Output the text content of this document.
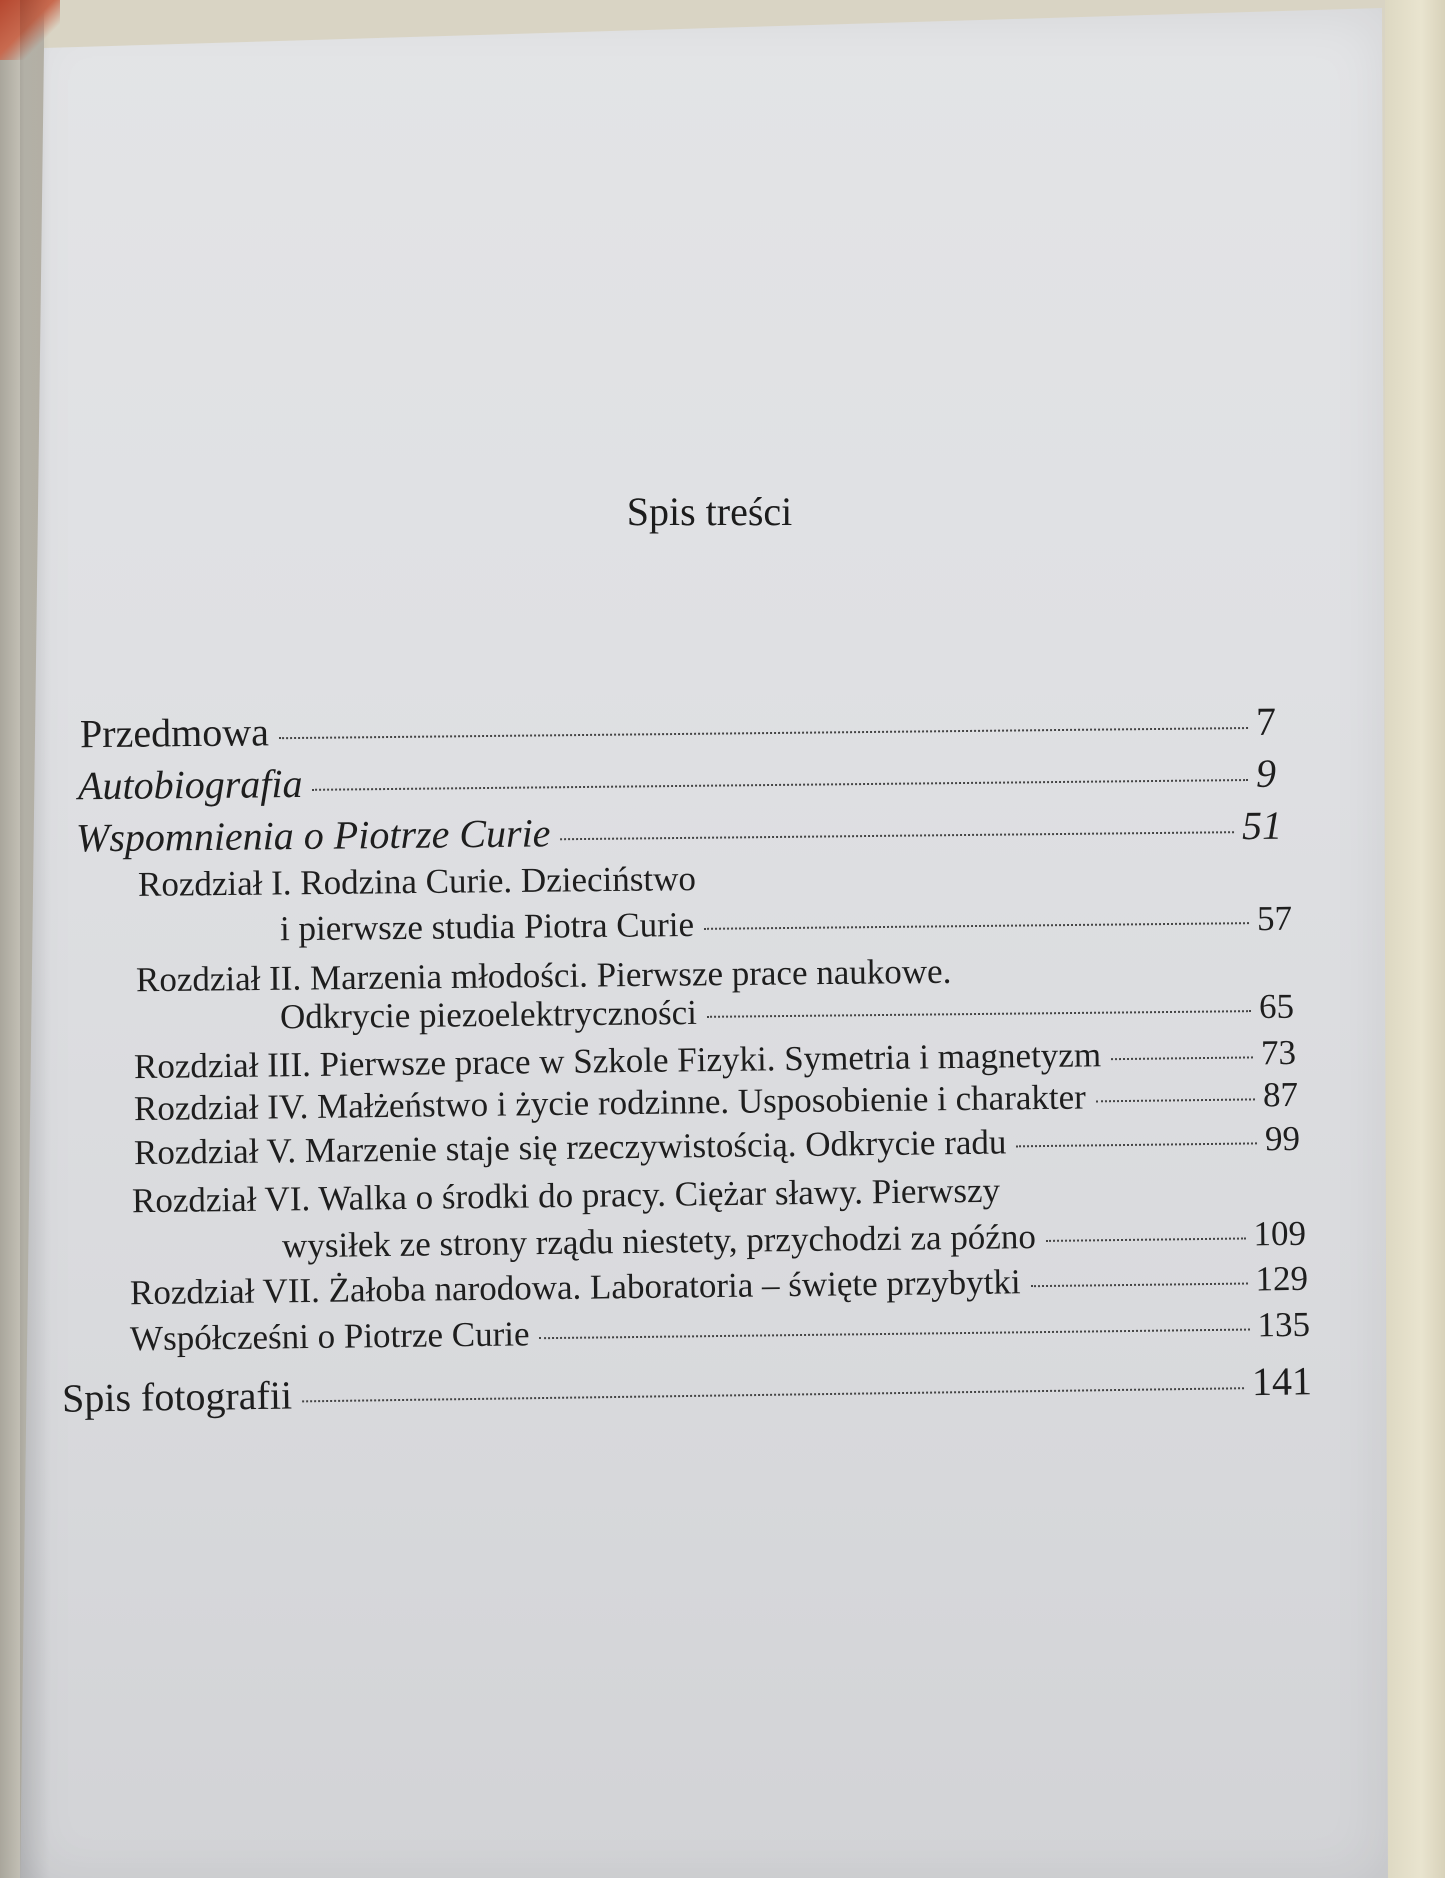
Spis treści
Przedmowa	7
Autobiografia	9
Wspomnienia o Piotrze Curie	51
Rozdział I. Rodzina Curie. Dzieciństwo
i pierwsze studia Piotra Curie	57
Rozdział II. Marzenia młodości. Pierwsze prace naukowe.
Odkrycie piezoelektryczności	65
Rozdział III. Pierwsze prace w Szkole Fizyki. Symetria i magnetyzm	73
Rozdział IV. Małżeństwo i życie rodzinne. Usposobienie i charakter	87
Rozdział V. Marzenie staje się rzeczywistością. Odkrycie radu	99
Rozdział VI. Walka o środki do pracy. Ciężar sławy. Pierwszy
wysiłek ze strony rządu niestety, przychodzi za późno	109
Rozdział VII. Żałoba narodowa. Laboratoria – święte przybytki	129
Współcześni o Piotrze Curie	135
Spis fotografii	141
